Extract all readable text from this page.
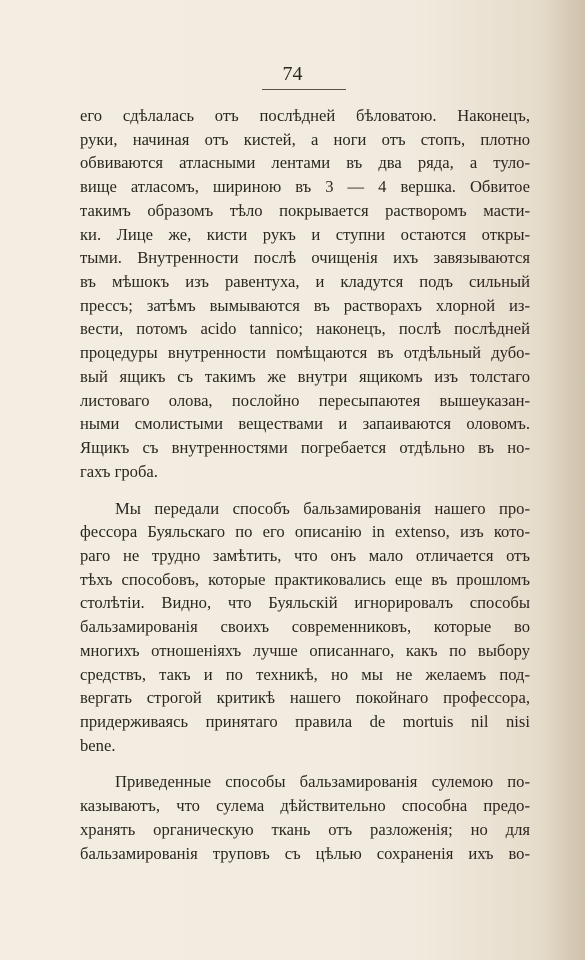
74
его сдѣлалась отъ послѣдней бѣловатою. Наконецъ,
руки, начиная отъ кистей, а ноги отъ стопъ, плотно
обвиваются атласными лентами въ два ряда, а туло-
вище атласомъ, шириною въ 3 — 4 вершка. Обвитое
такимъ образомъ тѣло покрывается растворомъ масти-
ки. Лице же, кисти рукъ и ступни остаются откры-
тыми. Внутренности послѣ очищенія ихъ завязываются
въ мѣшокъ изъ равентуха, и кладутся подъ сильный
прессъ; затѣмъ вымываются въ растворахъ хлорной из-
вести, потомъ acido tannico; наконецъ, послѣ послѣдней
процедуры внутренности помѣщаются въ отдѣльный дубо-
вый ящикъ съ такимъ же внутри ящикомъ изъ толстаго
листоваго олова, послойно пересыпаютея вышеуказан-
ными смолистыми веществами и запаиваются оловомъ.
Ящикъ съ внутренностями погребается отдѣльно въ но-
гахъ гроба.
Мы передали способъ бальзамированія нашего про-
фессора Буяльскаго по его описанію in extenso, изъ кото-
раго не трудно замѣтить, что онъ мало отличается отъ
тѣхъ способовъ, которые практиковались еще въ прошломъ
столѣтіи. Видно, что Буяльскій игнорировалъ способы
бальзамированія своихъ современниковъ, которые во
многихъ отношеніяхъ лучше описаннаго, какъ по выбору
средствъ, такъ и по техникѣ, но мы не желаемъ под-
вергать строгой критикѣ нашего покойнаго профессора,
придерживаясь принятаго правила de mortuis nil nisi
bene.
Приведенные способы бальзамированія сулемою по-
казываютъ, что сулема дѣйствительно способна предо-
хранять органическую ткань отъ разложенія; но для
бальзамированія труповъ съ цѣлью сохраненія ихъ во-
